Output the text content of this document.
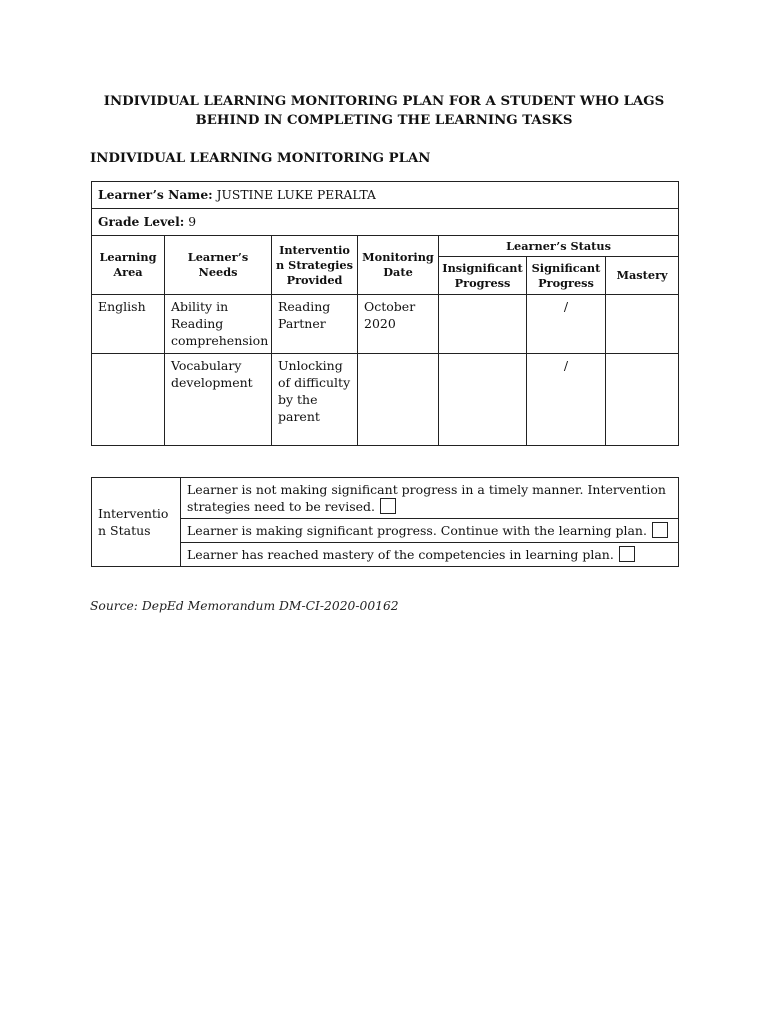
INDIVIDUAL LEARNING MONITORING PLAN FOR A STUDENT WHO LAGS BEHIND IN COMPLETING THE LEARNING TASKS
INDIVIDUAL LEARNING MONITORING PLAN
Learner’s Name: JUSTINE LUKE PERALTA						
Grade Level: 9						
Learning Area	Learner’s Needs	Interventio n Strategies Provided	Monitoring Date	Learner’s Status		
				Insignificant Progress	Significant Progress	Mastery
English	Ability in Reading comprehension	Reading Partner	October 2020		/	
	Vocabulary development	Unlocking of difficulty by the parent			/	
Interventio n Status	Learner is not making significant progress in a timely manner. Intervention strategies need to be revised.
Learner is making significant progress. Continue with the learning plan.
Learner has reached mastery of the competencies in learning plan.
Source: DepEd Memorandum DM-CI-2020-00162
